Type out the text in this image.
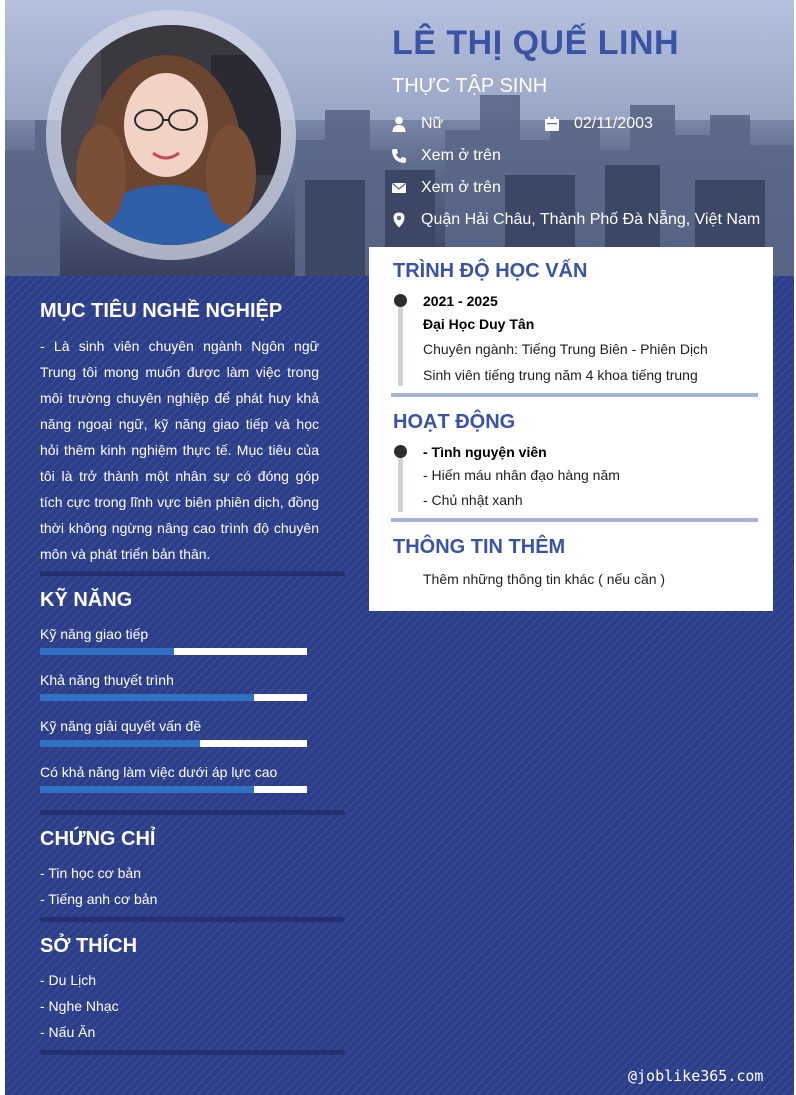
LÊ THỊ QUẾ LINH
THỰC TẬP SINH
Nữ	02/11/2003
Xem ở trên
Xem ở trên
Quận Hải Châu, Thành Phố Đà Nẵng, Việt Nam
MỤC TIÊU NGHỀ NGHIỆP
- Là sinh viên chuyên ngành Ngôn ngữ Trung tôi mong muốn được làm việc trong môi trường chuyên nghiệp để phát huy khả năng ngoại ngữ, kỹ năng giao tiếp và học hỏi thêm kinh nghiệm thực tế. Mục tiêu của tôi là trở thành một nhân sự có đóng góp tích cực trong lĩnh vực biên phiên dịch, đồng thời không ngừng nâng cao trình độ chuyên môn và phát triển bản thân.
KỸ NĂNG
Kỹ năng giao tiếp
Khả năng thuyết trình
Kỹ năng giải quyết vấn đề
Có khả năng làm việc dưới áp lực cao
CHỨNG CHỈ
- Tin học cơ bản
- Tiếng anh cơ bản
SỞ THÍCH
- Du Lịch
- Nghe Nhạc
- Nấu Ăn
TRÌNH ĐỘ HỌC VẤN
2021 - 2025
Đại Học Duy Tân
Chuyên ngành: Tiếng Trung Biên - Phiên Dịch
Sinh viên tiếng trung năm 4 khoa tiếng trung
HOẠT ĐỘNG
- Tình nguyện viên
- Hiến máu nhân đạo hàng năm
- Chủ nhật xanh
THÔNG TIN THÊM
Thêm những thông tin khác ( nếu cần )
@joblike365.com
